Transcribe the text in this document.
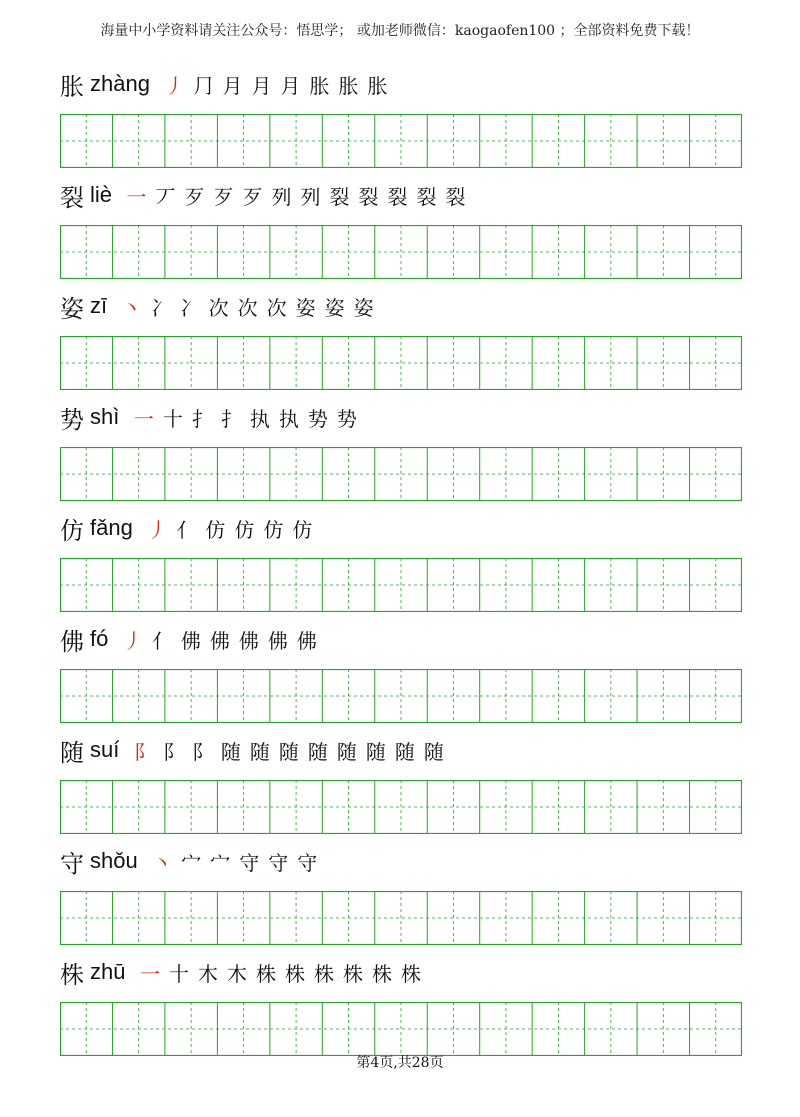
海量中小学资料请关注公众号：悟思学； 或加老师微信：kaogaofen100 ；全部资料免费下载！
胀 zhàng 丿 ⺆ 月 月 月 胀 胀 胀
裂 liè 一 丆 歹 歹 歹 列 列 裂 裂 裂 裂 裂
姿 zī 丶 冫 冫 次 次 次 姿 姿 姿
势 shì 一 十 扌 扌 执 执 势 势
仿 fǎng 丿 亻 仿 仿 仿 仿
佛 fó 丿 亻 佛 佛 佛 佛 佛
随 suí 阝 阝 阝 随 随 随 随 随 随 随 随
守 shǒu 丶 宀 宀 守 守 守
株 zhū 一 十 木 木 株 株 株 株 株 株
第4页,共28页
